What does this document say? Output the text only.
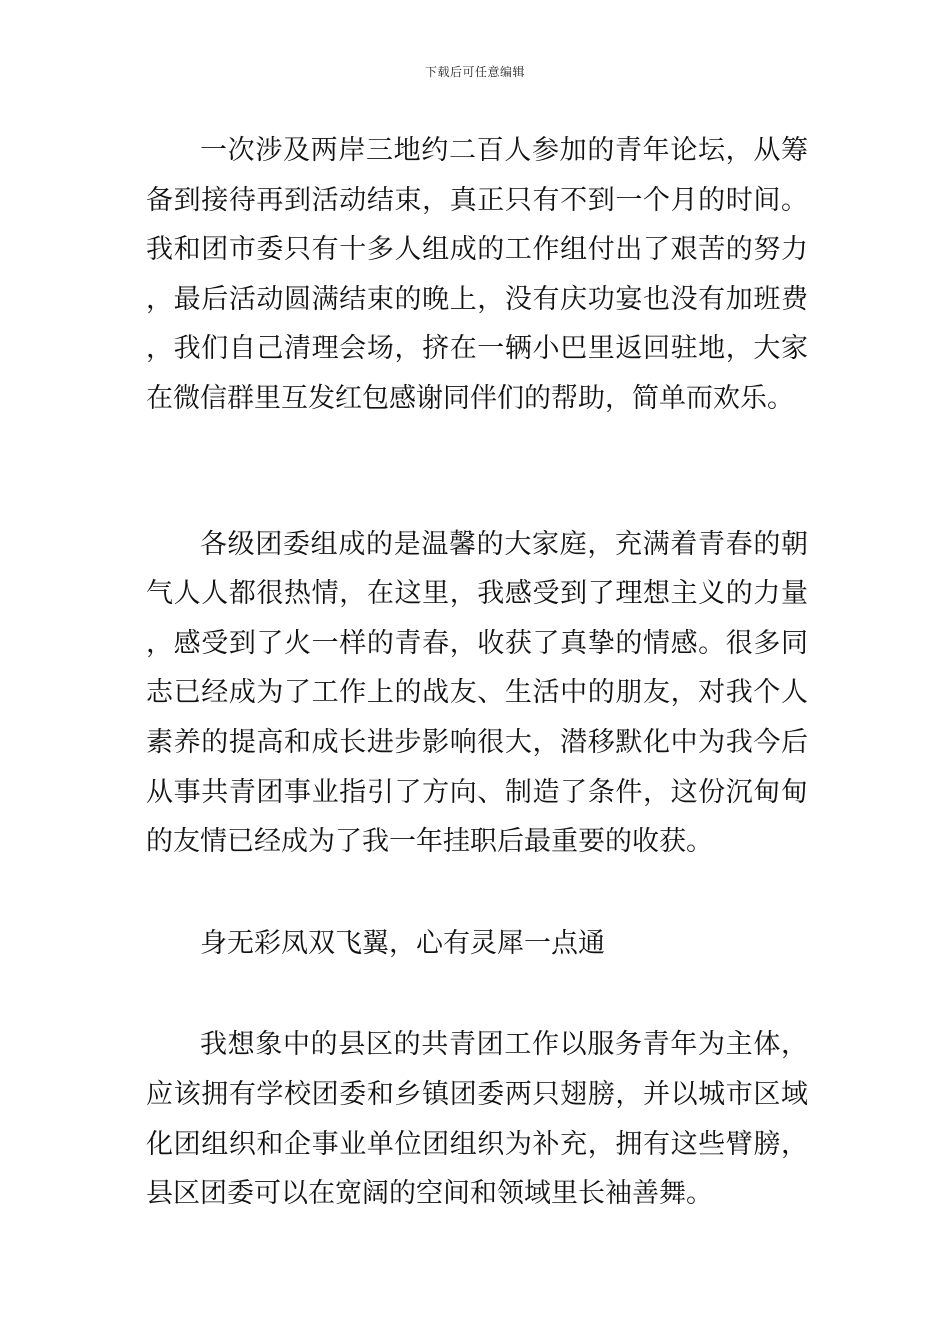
下载后可任意编辑

一次涉及两岸三地约二百人参加的青年论坛，从筹备到接待再到活动结束，真正只有不到一个月的时间。我和团市委只有十多人组成的工作组付出了艰苦的努力，最后活动圆满结束的晚上，没有庆功宴也没有加班费，我们自己清理会场，挤在一辆小巴里返回驻地，大家在微信群里互发红包感谢同伴们的帮助，简单而欢乐。

各级团委组成的是温馨的大家庭，充满着青春的朝气人人都很热情，在这里，我感受到了理想主义的力量，感受到了火一样的青春，收获了真挚的情感。很多同志已经成为了工作上的战友、生活中的朋友，对我个人素养的提高和成长进步影响很大，潜移默化中为我今后从事共青团事业指引了方向、制造了条件，这份沉甸甸的友情已经成为了我一年挂职后最重要的收获。

身无彩凤双飞翼，心有灵犀一点通

我想象中的县区的共青团工作以服务青年为主体，应该拥有学校团委和乡镇团委两只翅膀，并以城市区域化团组织和企事业单位团组织为补充，拥有这些臂膀，县区团委可以在宽阔的空间和领域里长袖善舞。
